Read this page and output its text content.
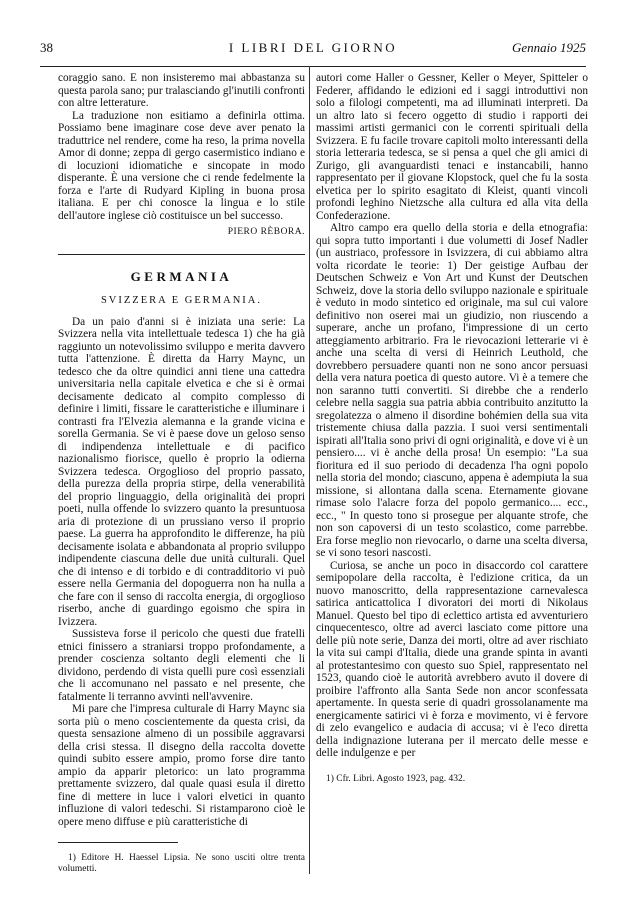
38	I LIBRI DEL GIORNO	Gennaio 1925

coraggio sano. E non insisteremo mai abbastanza su questa parola sano; pur tralasciando gl'inutili confronti con altre letterature.

La traduzione non esitiamo a definirla ottima. Possiamo bene imaginare cose deve aver penato la traduttrice nel rendere, come ha reso, la prima novella Amor di donne; zeppa di gergo casermistico indiano e di locuzioni idiomatiche e sincopate in modo disperante. È una versione che ci rende fedelmente la forza e l'arte di Rudyard Kipling in buona prosa italiana. E per chi conosce la lingua e lo stile dell'autore inglese ciò costituisce un bel successo.

PIERO RÈBORA.
GERMANIA
SVIZZERA E GERMANIA.

Da un paio d'anni si è iniziata una serie: La Svizzera nella vita intellettuale tedesca 1) che ha già raggiunto un notevolissimo sviluppo e merita davvero tutta l'attenzione. È diretta da Harry Maync, un tedesco che da oltre quindici anni tiene una cattedra universitaria nella capitale elvetica e che si è ormai decisamente dedicato al compito complesso di definire i limiti, fissare le caratteristiche e illuminare i contrasti fra l'Elvezia alemanna e la grande vicina e sorella Germania. Se vi è paese dove un geloso senso di indipendenza intellettuale e di pacifico nazionalismo fiorisce, quello è proprio la odierna Svizzera tedesca. Orgoglioso del proprio passato, della purezza della propria stirpe, della venerabilità del proprio linguaggio, della originalità dei propri poeti, nulla offende lo svizzero quanto la presuntuosa aria di protezione di un prussiano verso il proprio paese. La guerra ha approfondito le differenze, ha più decisamente isolata e abbandonata al proprio sviluppo indipendente ciascuna delle due unità culturali. Quel che di intenso e di torbido e di contradditorio vi può essere nella Germania del dopoguerra non ha nulla a che fare con il senso di raccolta energia, di orgoglioso riserbo, anche di guardingo egoismo che spira in Ivizzera.

Sussisteva forse il pericolo che questi due fratelli etnici finissero a straniarsi troppo profondamente, a prender coscienza soltanto degli elementi che li dividono, perdendo di vista quelli pure così essenziali che li accomunano nel passato e nel presente, che fatalmente li terranno avvinti nell'avvenire.

Mi pare che l'impresa culturale di Harry Maync sia sorta più o meno coscientemente da questa crisi, da questa sensazione almeno di un possibile aggravarsi della crisi stessa. Il disegno della raccolta dovette quindi subito essere ampio, promo forse dire tanto ampio da apparir pletorico: un lato programma prettamente svizzero, dal quale quasi esula il diretto fine di mettere in luce i valori elvetici in quanto influzione di valori tedeschi. Si ristamparono cioè le opere meno diffuse e più caratteristiche di

1) Editore H. Haessel Lipsia. Ne sono usciti oltre trenta volumetti.

autori come Haller o Gessner, Keller o Meyer, Spitteler o Federer, affidando le edizioni ed i saggi introduttivi non solo a filologi competenti, ma ad illuminati interpreti. Da un altro lato si fecero oggetto di studio i rapporti dei massimi artisti germanici con le correnti spirituali della Svizzera. E fu facile trovare capitoli molto interessanti della storia letteraria tedesca, se si pensa a quel che gli amici di Zurigo, gli avanguardisti tenaci e instancabili, hanno rappresentato per il giovane Klopstock, quel che fu la sosta elvetica per lo spirito esagitato di Kleist, quanti vincoli profondi leghino Nietzsche alla cultura ed alla vita della Confederazione.

Altro campo era quello della storia e della etnografia: qui sopra tutto importanti i due volumetti di Josef Nadler (un austriaco, professore in Isvizzera, di cui abbiamo altra volta ricordate le teorie: 1) Der geistige Aufbau der Deutschen Schweiz e Von Art und Kunst der Deutschen Schweiz, dove la storia dello sviluppo nazionale e spirituale è veduto in modo sintetico ed originale, ma sul cui valore definitivo non oserei mai un giudizio, non riuscendo a superare, anche un profano, l'impressione di un certo atteggiamento arbitrario. Fra le rievocazioni letterarie vi è anche una scelta di versi di Heinrich Leuthold, che dovrebbero persuadere quanti non ne sono ancor persuasi della vera natura poetica di questo autore. Vi è a temere che non saranno tutti convertiti. Si direbbe che a renderlo celebre nella saggia sua patria abbia contribuito anzitutto la sregolatezza o almeno il disordine bohémien della sua vita tristemente chiusa dalla pazzia. I suoi versi sentimentali ispirati all'Italia sono privi di ogni originalità, e dove vi è un pensiero.... vi è anche della prosa! Un esempio: "La sua fioritura ed il suo periodo di decadenza l'ha ogni popolo nella storia del mondo; ciascuno, appena è adempiuta la sua missione, si allontana dalla scena. Eternamente giovane rimase solo l'alacre forza del popolo germanico.... ecc., ecc., " In questo tono si prosegue per alquante strofe, che non son capoversi di un testo scolastico, come parrebbe. Era forse meglio non rievocarlo, o darne una scelta diversa, se vi sono tesori nascosti.

Curiosa, se anche un poco in disaccordo col carattere semipopolare della raccolta, è l'edizione critica, da un nuovo manoscritto, della rappresentazione carnevalesca satirica anticattolica I divoratori dei morti di Nikolaus Manuel. Questo bel tipo di eclettico artista ed avventuriero cinquecentesco, oltre ad averci lasciato come pittore una delle più note serie, Danza dei morti, oltre ad aver rischiato la vita sui campi d'Italia, diede una grande spinta in avanti al protestantesimo con questo suo Spiel, rappresentato nel 1523, quando cioè le autorità avrebbero avuto il dovere di proibire l'affronto alla Santa Sede non ancor sconfessata apertamente. In questa serie di quadri grossolanamente ma energicamente satirici vi è forza e movimento, vi è fervore di zelo evangelico e audacia di accusa; vi è l'eco diretta della indignazione luterana per il mercato delle messe e delle indulgenze e per

1) Cfr. Libri. Agosto 1923, pag. 432.
